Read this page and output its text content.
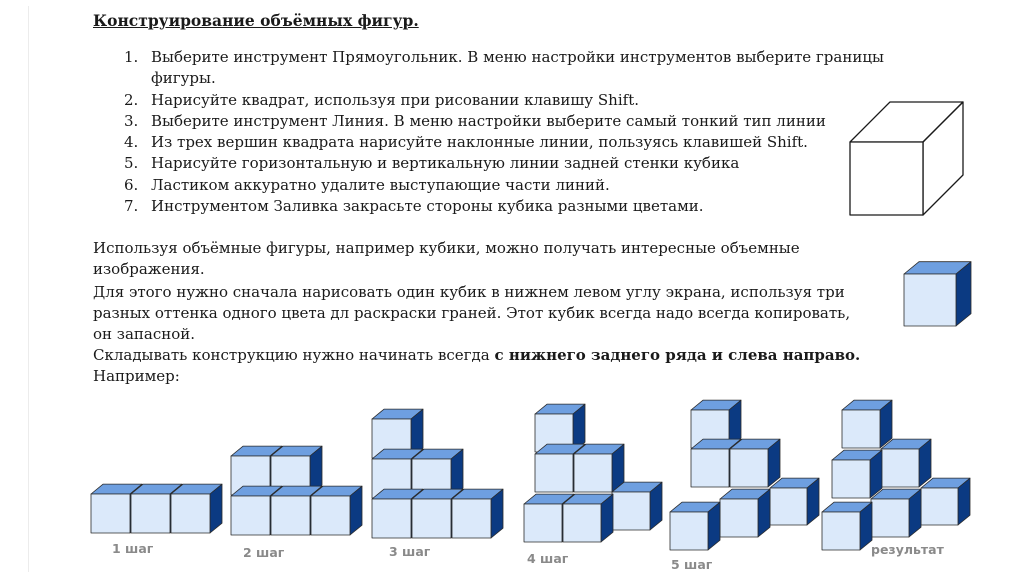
Конструирование объёмных фигур.
1. Выберите инструмент Прямоугольник. В меню настройки инструментов выберите границы
фигуры.
2. Нарисуйте квадрат, используя при рисовании клавишу Shift.
3. Выберите инструмент Линия. В меню настройки выберите самый тонкий тип линии
4. Из трех вершин квадрата нарисуйте наклонные линии, пользуясь клавишей Shift.
5. Нарисуйте горизонтальную и вертикальную линии задней стенки кубика
6. Ластиком аккуратно удалите выступающие части линий.
7. Инструментом Заливка закрасьте стороны кубика разными цветами.

Используя объёмные фигуры, например кубики, можно получать интересные объемные

изображения.

Для этого нужно сначала нарисовать один кубик в нижнем левом углу экрана, используя три

разных оттенка одного цвета дл раскраски граней. Этот кубик всегда надо всегда копировать,

он запасной.

Складывать конструкцию нужно начинать всегда с нижнего заднего ряда и слева направо.

Например:

1 шаг	2 шаг	3 шаг	4 шаг	5 шаг
результат
